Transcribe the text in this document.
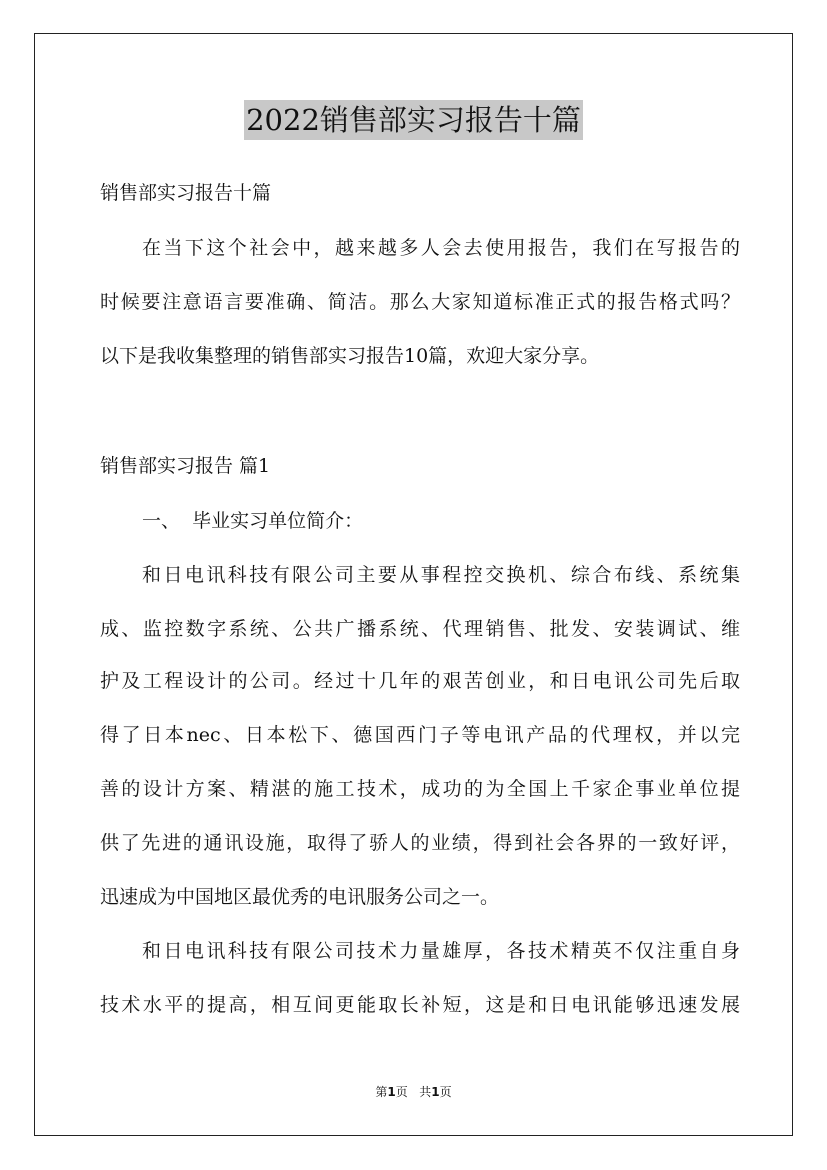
2022销售部实习报告十篇
销售部实习报告十篇
在当下这个社会中，越来越多人会去使用报告，我们在写报告的
时候要注意语言要准确、简洁。那么大家知道标准正式的报告格式吗？
以下是我收集整理的销售部实习报告10篇，欢迎大家分享。
销售部实习报告 篇1
一、  毕业实习单位简介：
和日电讯科技有限公司主要从事程控交换机、综合布线、系统集
成、监控数字系统、公共广播系统、代理销售、批发、安装调试、维
护及工程设计的公司。经过十几年的艰苦创业，和日电讯公司先后取
得了日本nec、日本松下、德国西门子等电讯产品的代理权，并以完
善的设计方案、精湛的施工技术，成功的为全国上千家企事业单位提
供了先进的通讯设施，取得了骄人的业绩，得到社会各界的一致好评，
迅速成为中国地区最优秀的电讯服务公司之一。
和日电讯科技有限公司技术力量雄厚，各技术精英不仅注重自身
技术水平的提高，相互间更能取长补短，这是和日电讯能够迅速发展
第1页 共1页
